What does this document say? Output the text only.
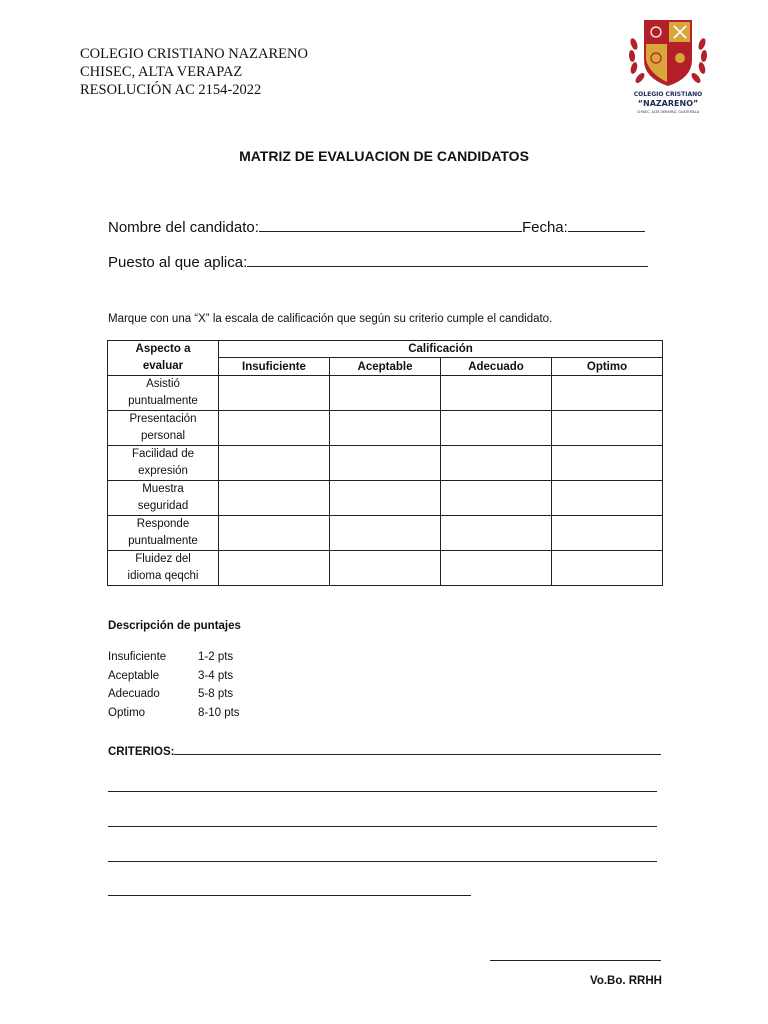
COLEGIO CRISTIANO NAZARENO
CHISEC, ALTA VERAPAZ
RESOLUCIÓN AC 2154-2022	COLEGIO CRISTIANO
“NAZARENO”
CHISEC, ALTA VERAPAZ, GUATEMALA
MATRIZ DE EVALUACION DE CANDIDATOS
Nombre del candidato:	Fecha:
Puesto al que aplica:
Marque con una “X” la escala de calificación que según su criterio cumple el candidato.
Aspecto a
evaluar	Calificación			
	Insuficiente	Aceptable	Adecuado	Optimo

Asistió
puntualmente				

Presentación
personal				

Facilidad de
expresión				

Muestra
seguridad				

Responde
puntualmente				

Fluidez del
idioma qeqchi				

Descripción de puntajes
Insuficiente	1-2 pts
Aceptable	3-4 pts
Adecuado	5-8 pts
Optimo	8-10 pts
CRITERIOS:
Vo.Bo. RRHH
